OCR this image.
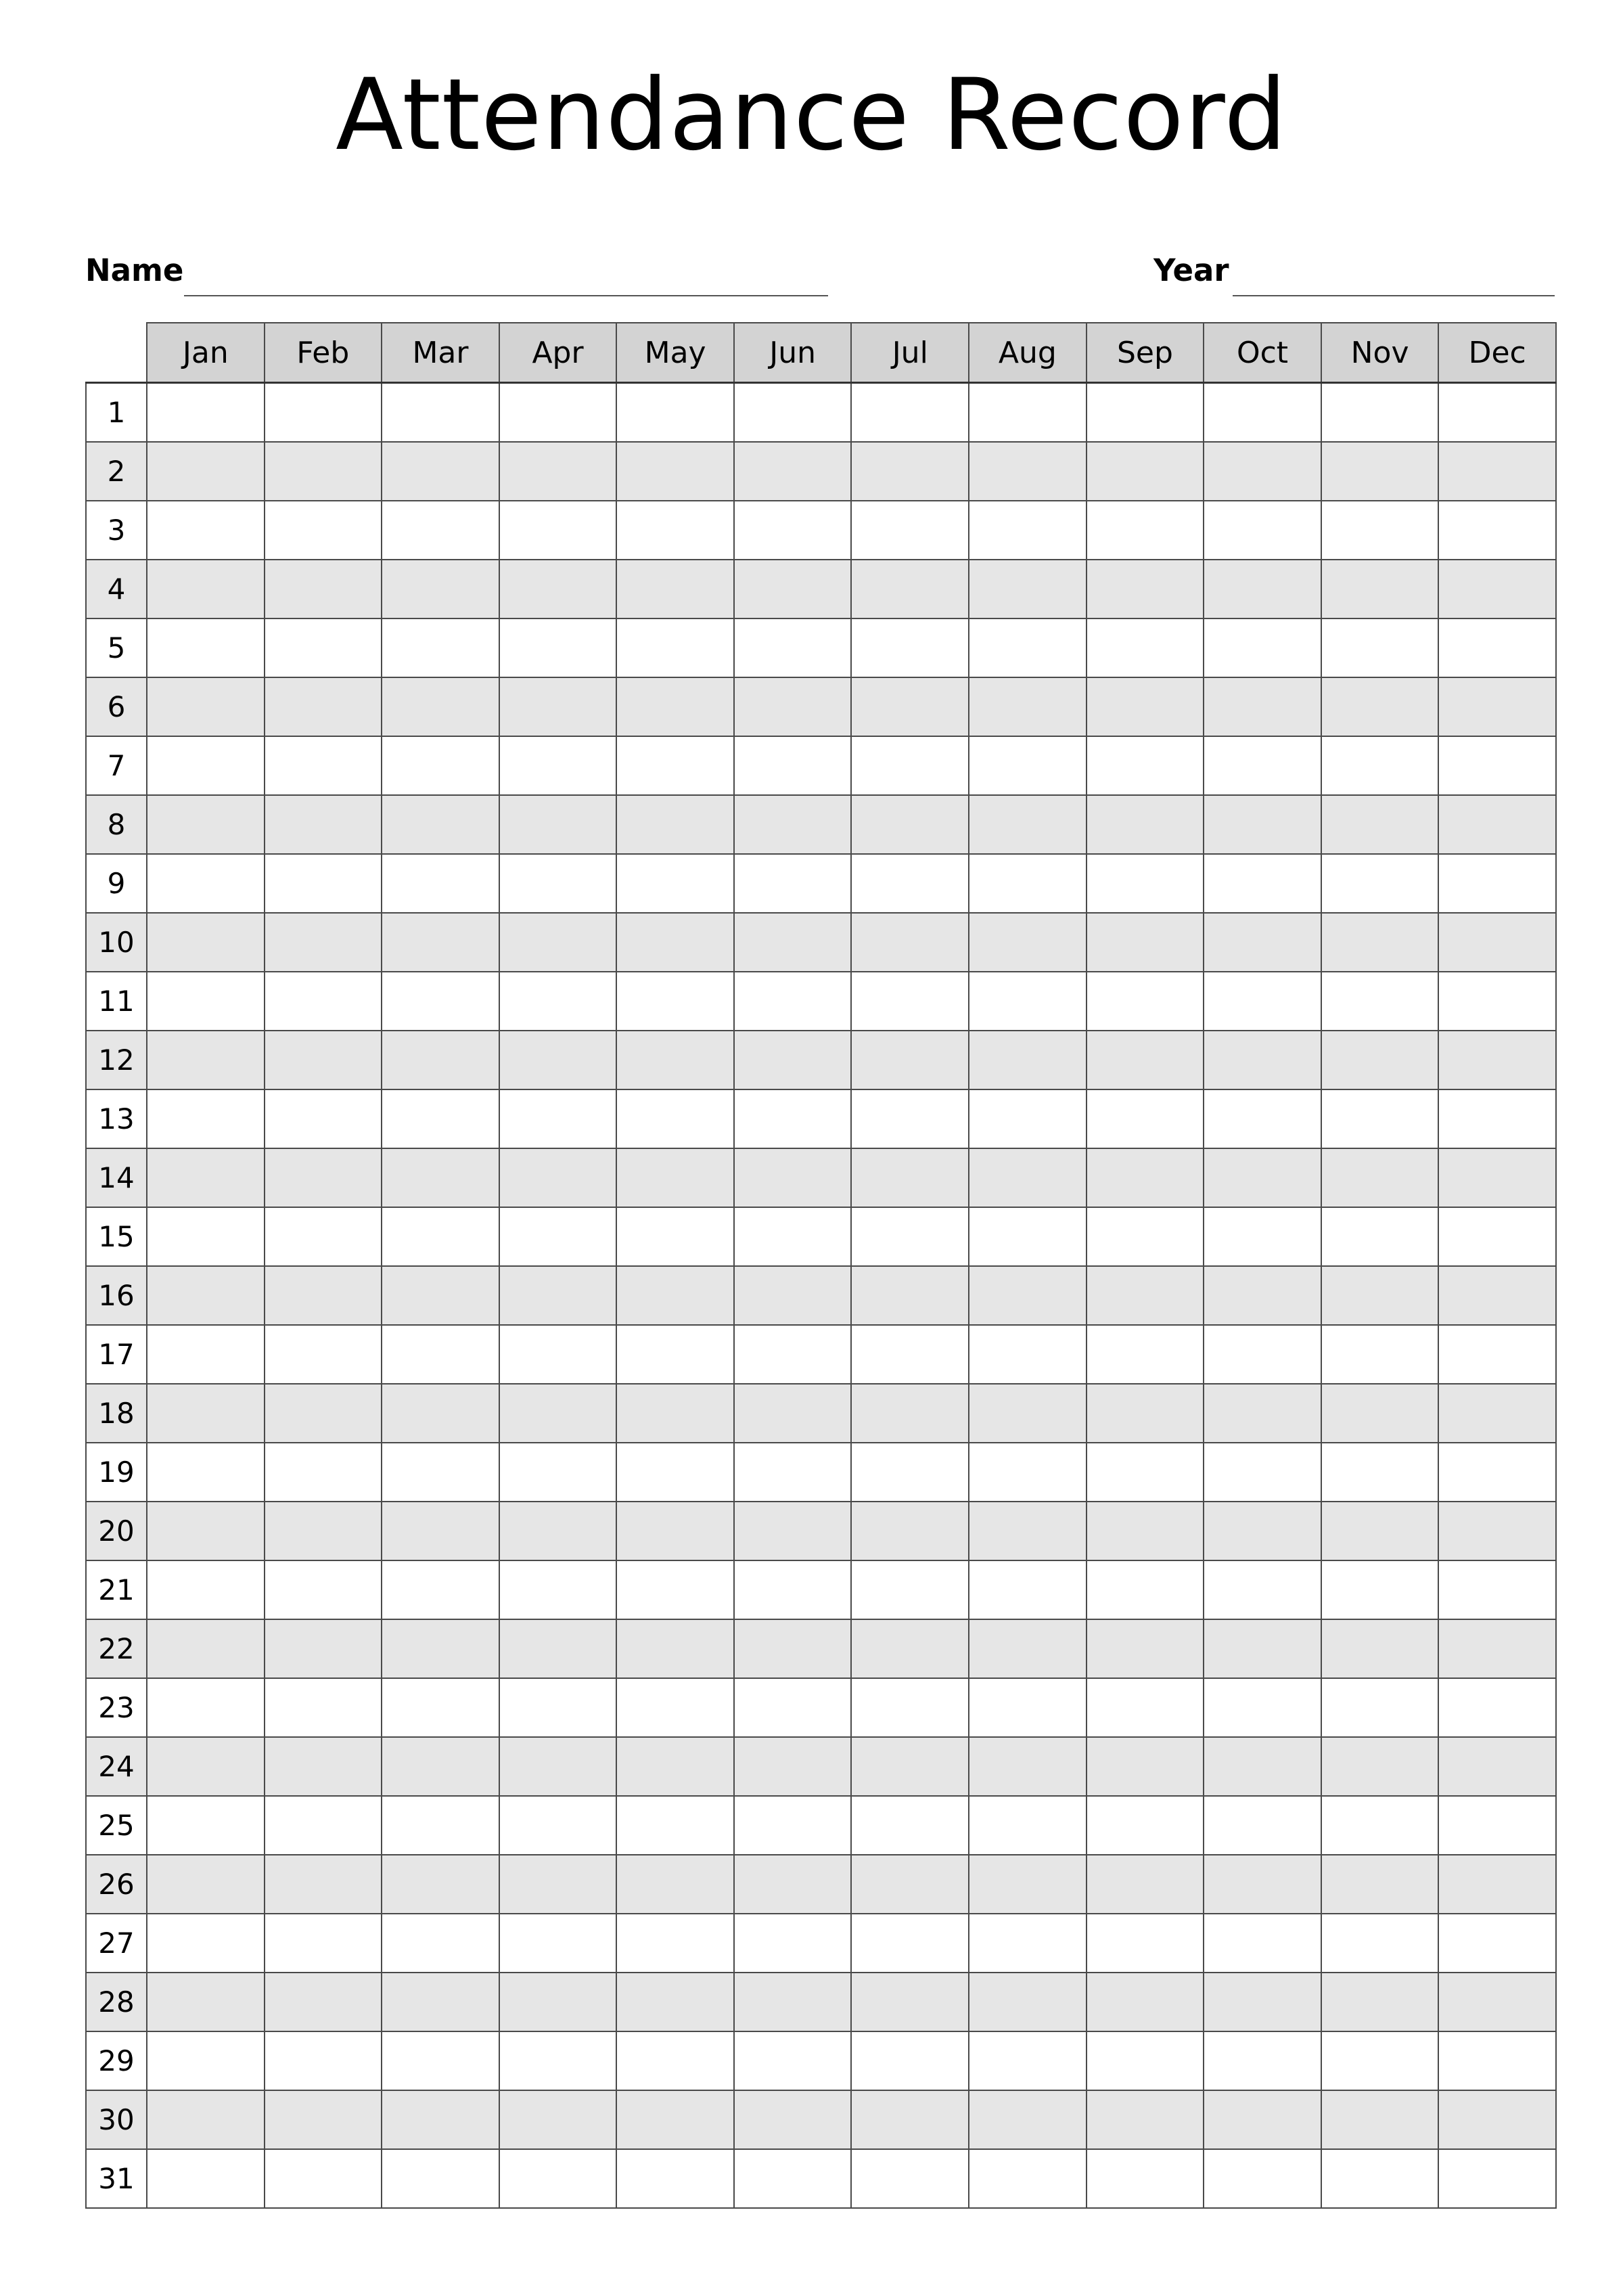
Attendance Record
Name	Year
	Jan	Feb	Mar	Apr	May	Jun	Jul	Aug	Sep	Oct	Nov	Dec
1												
2												
3												
4												
5												
6												
7												
8												
9												
10												
11												
12												
13												
14												
15												
16												
17												
18												
19												
20												
21												
22												
23												
24												
25												
26												
27												
28												
29												
30												
31												
